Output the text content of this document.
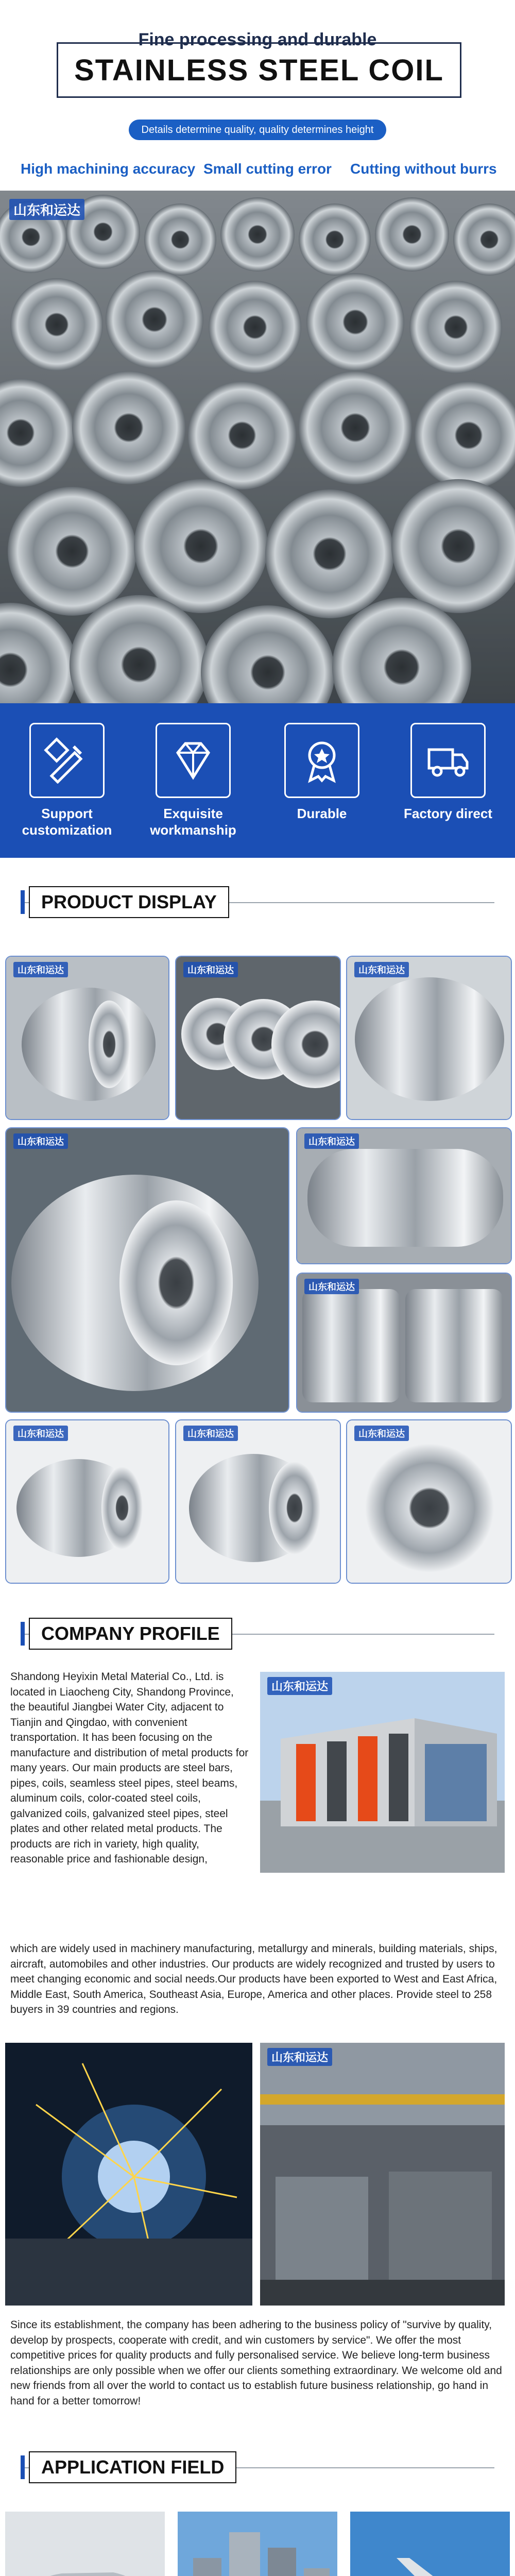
Fine processing and durable
STAINLESS STEEL COIL
Details determine quality, quality determines height
High machining accuracy Small cutting error Cutting without burrs
山东和运达
Support customization
Exquisite workmanship
Durable	Factory direct
PRODUCT DISPLAY
山东和运达	山东和运达	山东和运达
山东和运达	山东和运达
山东和运达
山东和运达	山东和运达	山东和运达
COMPANY PROFILE
Shandong Heyixin Metal Material Co., Ltd. is located in Liaocheng City, Shandong Province, the beautiful Jiangbei Water City, adjacent to Tianjin and Qingdao, with convenient transportation. It has been focusing on the manufacture and distribution of metal products for many years. Our main products are steel bars, pipes, coils, seamless steel pipes, steel beams, aluminum coils, color-coated steel coils, galvanized coils, galvanized steel pipes, steel plates and other related metal products. The products are rich in variety, high quality, reasonable price and fashionable design,
山东和运达
which are widely used in machinery manufacturing, metallurgy and minerals, building materials, ships, aircraft, automobiles and other industries. Our products are widely recognized and trusted by users to meet changing economic and social needs.Our products have been exported to West and East Africa, Middle East, South America, Southeast Asia, Europe, America and other places. Provide steel to 258 buyers in 39 countries and regions.
山东和运达
Since its establishment, the company has been adhering to the business policy of "survive by quality, develop by prospects, cooperate with credit, and win customers by service". We offer the most competitive prices for quality products and fully personalised service. We believe long-term business relationships are only possible when we offer our clients something extraordinary. We welcome old and new friends from all over the world to contact us to establish future business relationship, go hand in hand for a better tomorrow!
APPLICATION FIELD
